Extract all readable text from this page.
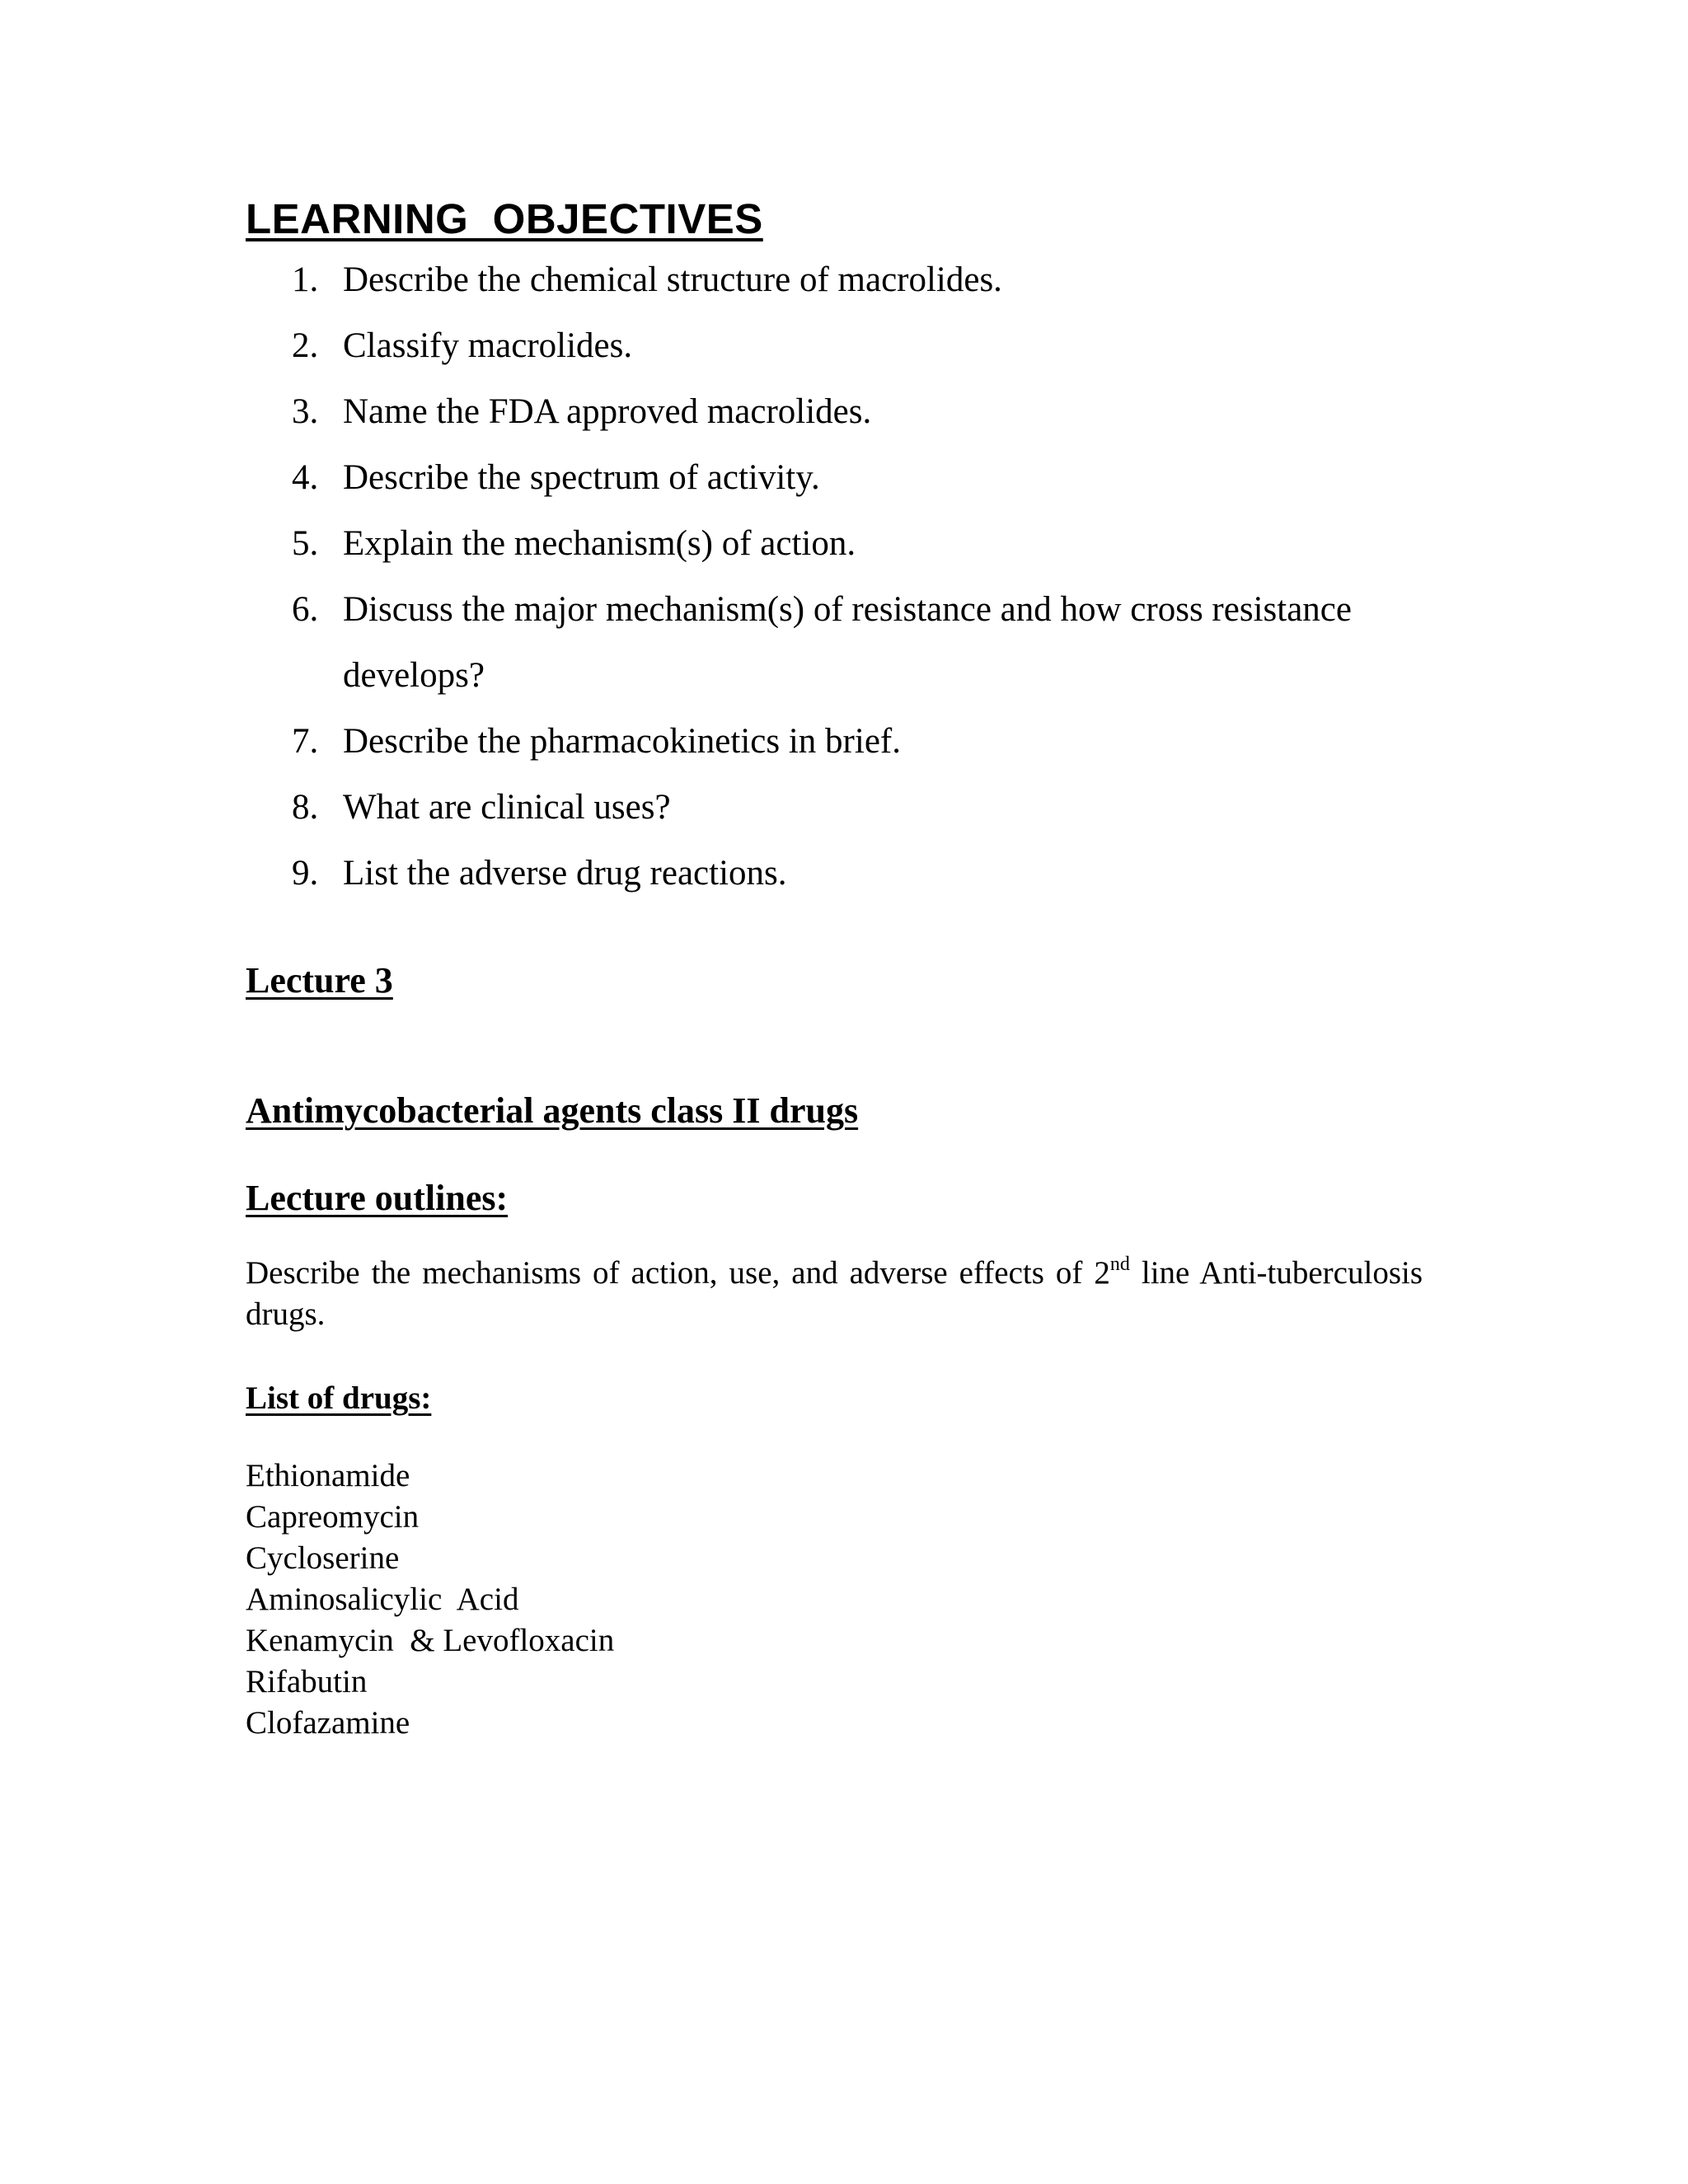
LEARNING  OBJECTIVES
1. Describe the chemical structure of macrolides.
2. Classify macrolides.
3. Name the FDA approved macrolides.
4. Describe the spectrum of activity.
5. Explain the mechanism(s) of action.
6. Discuss the major mechanism(s) of resistance and how cross resistance develops?
7. Describe the pharmacokinetics in brief.
8. What are clinical uses?
9. List the adverse drug reactions.
Lecture 3
Antimycobacterial agents class II drugs
Lecture outlines:

Describe the mechanisms of action, use, and adverse effects of 2nd line Anti-tuberculosis drugs.

List of drugs:
Ethionamide
Capreomycin
Cycloserine
Aminosalicylic  Acid
Kenamycin  & Levofloxacin
Rifabutin
Clofazamine
